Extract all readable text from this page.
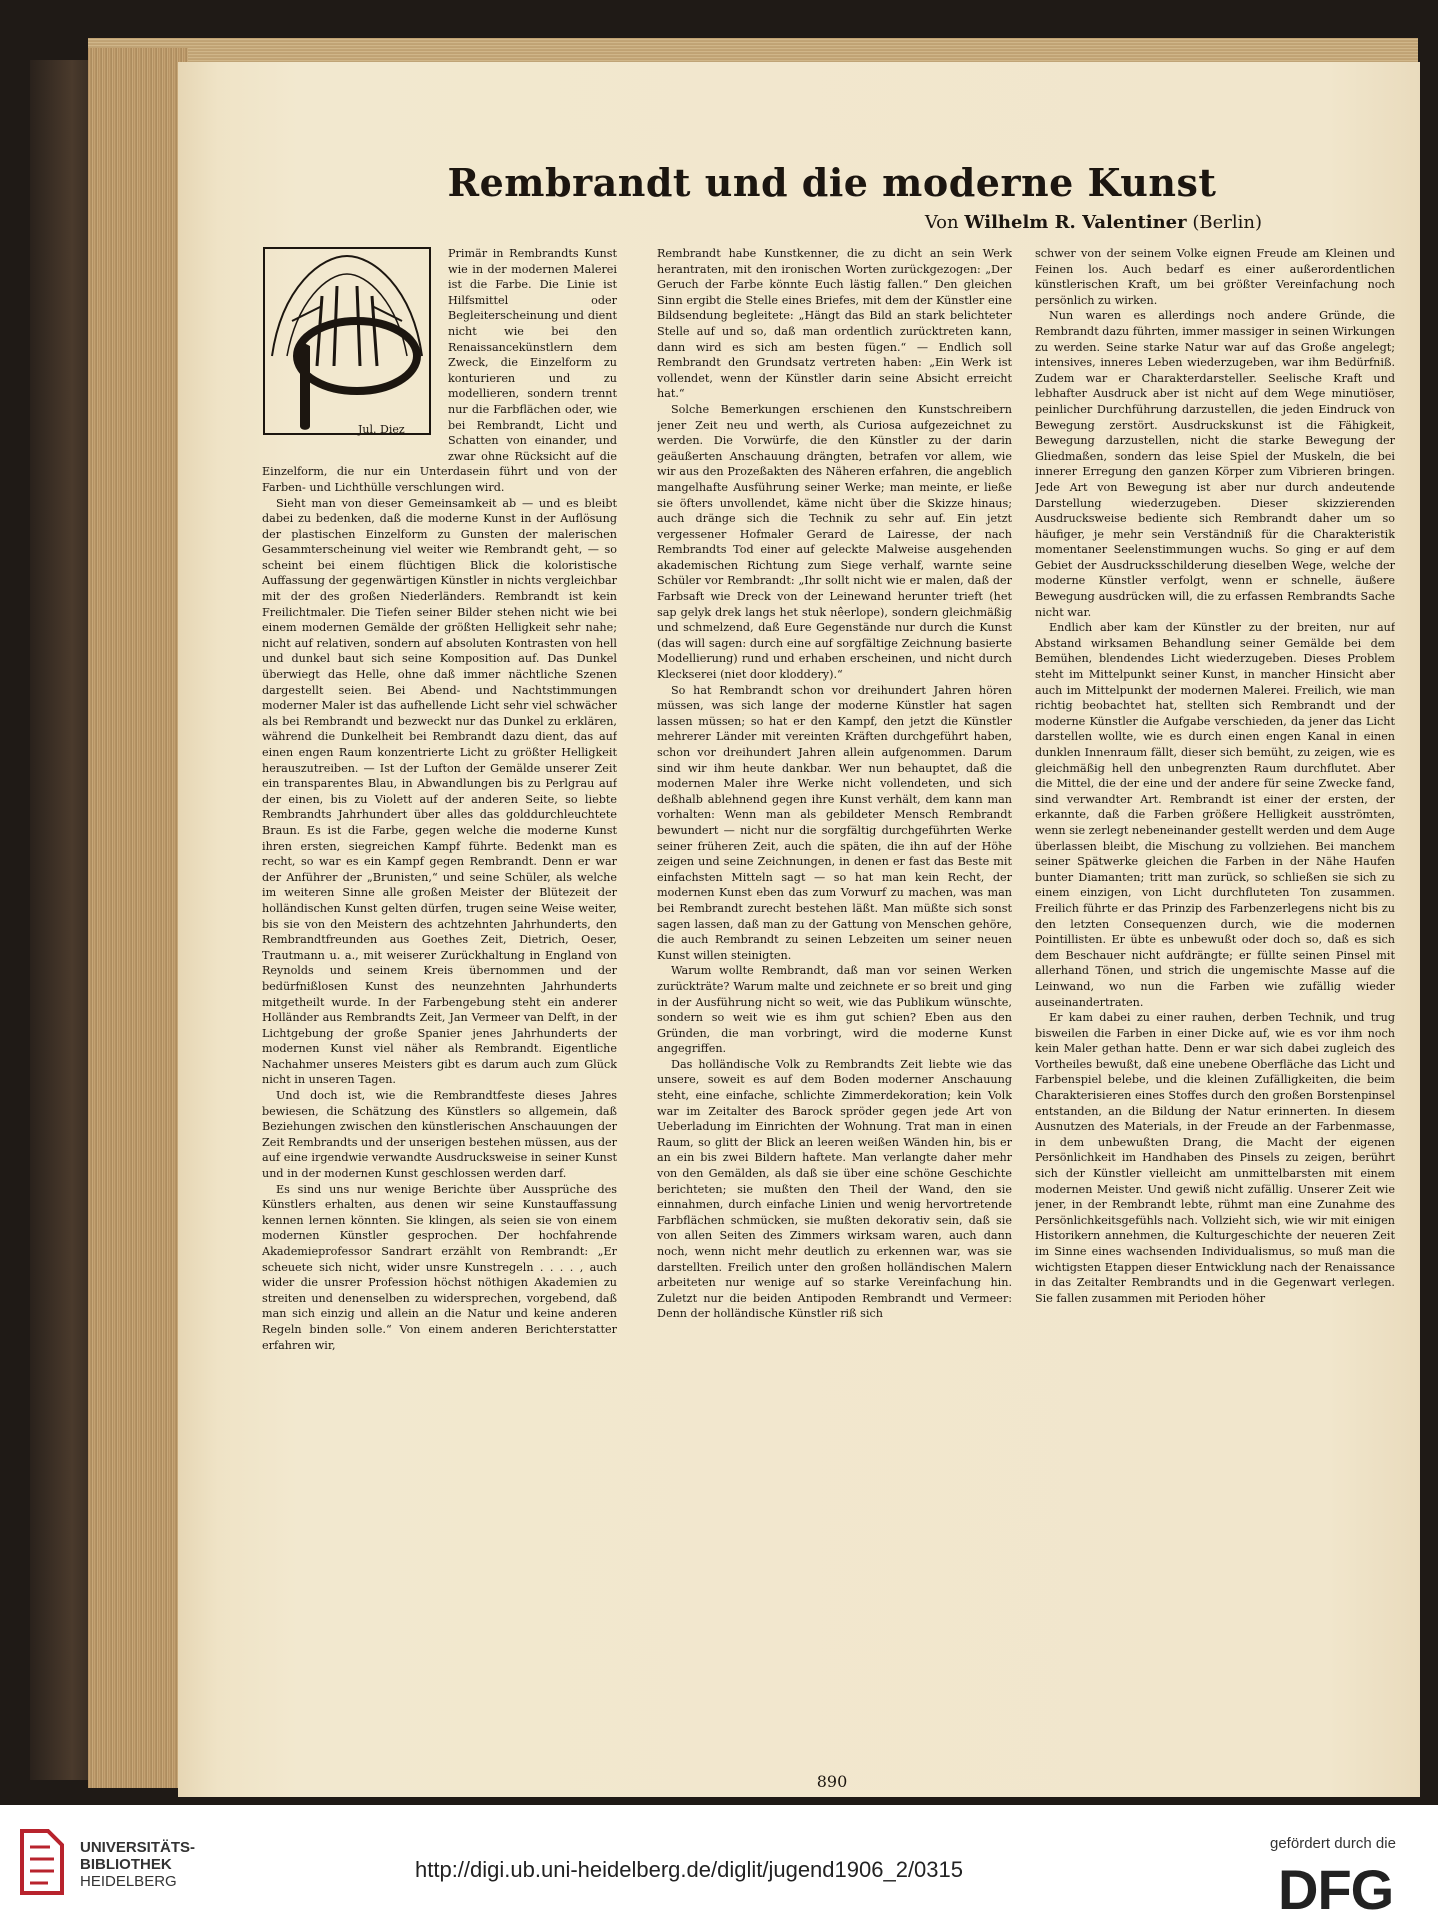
Rembrandt und die moderne Kunst
Von Wilhelm R. Valentiner (Berlin)
Jul. Diez

Primär in Rembrandts Kunst wie in der modernen Malerei ist die Farbe. Die Linie ist Hilfsmittel oder Begleiterscheinung und dient nicht wie bei den Renaissancekünstlern dem Zweck, die Einzelform zu konturieren und zu modellieren, sondern trennt nur die Farbflächen oder, wie bei Rembrandt, Licht und Schatten von einander, und zwar ohne Rücksicht auf die Einzelform, die nur ein Unterdasein führt und von der Farben- und Lichthülle verschlungen wird.

Sieht man von dieser Gemeinsamkeit ab — und es bleibt dabei zu bedenken, daß die moderne Kunst in der Auflösung der plastischen Einzelform zu Gunsten der malerischen Gesammterscheinung viel weiter wie Rembrandt geht, — so scheint bei einem flüchtigen Blick die koloristische Auffassung der gegenwärtigen Künstler in nichts vergleichbar mit der des großen Niederländers. Rembrandt ist kein Freilichtmaler. Die Tiefen seiner Bilder stehen nicht wie bei einem modernen Gemälde der größten Helligkeit sehr nahe; nicht auf relativen, sondern auf absoluten Kontrasten von hell und dunkel baut sich seine Komposition auf. Das Dunkel überwiegt das Helle, ohne daß immer nächtliche Szenen dargestellt seien. Bei Abend- und Nachtstimmungen moderner Maler ist das aufhellende Licht sehr viel schwächer als bei Rembrandt und bezweckt nur das Dunkel zu erklären, während die Dunkelheit bei Rembrandt dazu dient, das auf einen engen Raum konzentrierte Licht zu größter Helligkeit herauszutreiben. — Ist der Lufton der Gemälde unserer Zeit ein transparentes Blau, in Abwandlungen bis zu Perlgrau auf der einen, bis zu Violett auf der anderen Seite, so liebte Rembrandts Jahrhundert über alles das golddurchleuchtete Braun. Es ist die Farbe, gegen welche die moderne Kunst ihren ersten, siegreichen Kampf führte. Bedenkt man es recht, so war es ein Kampf gegen Rembrandt. Denn er war der Anführer der „Brunisten,“ und seine Schüler, als welche im weiteren Sinne alle großen Meister der Blütezeit der holländischen Kunst gelten dürfen, trugen seine Weise weiter, bis sie von den Meistern des achtzehnten Jahrhunderts, den Rembrandtfreunden aus Goethes Zeit, Dietrich, Oeser, Trautmann u. a., mit weiserer Zurückhaltung in England von Reynolds und seinem Kreis übernommen und der bedürfnißlosen Kunst des neunzehnten Jahrhunderts mitgetheilt wurde. In der Farbengebung steht ein anderer Holländer aus Rembrandts Zeit, Jan Vermeer van Delft, in der Lichtgebung der große Spanier jenes Jahrhunderts der modernen Kunst viel näher als Rembrandt. Eigentliche Nachahmer unseres Meisters gibt es darum auch zum Glück nicht in unseren Tagen.

Und doch ist, wie die Rembrandtfeste dieses Jahres bewiesen, die Schätzung des Künstlers so allgemein, daß Beziehungen zwischen den künstlerischen Anschauungen der Zeit Rembrandts und der unserigen bestehen müssen, aus der auf eine irgendwie verwandte Ausdrucksweise in seiner Kunst und in der modernen Kunst geschlossen werden darf.

Es sind uns nur wenige Berichte über Aussprüche des Künstlers erhalten, aus denen wir seine Kunstauffassung kennen lernen könnten. Sie klingen, als seien sie von einem modernen Künstler gesprochen. Der hochfahrende Akademieprofessor Sandrart erzählt von Rembrandt: „Er scheuete sich nicht, wider unsre Kunstregeln . . . . , auch wider die unsrer Profession höchst nöthigen Akademien zu streiten und denenselben zu widersprechen, vorgebend, daß man sich einzig und allein an die Natur und keine anderen Regeln binden solle.“ Von einem anderen Berichterstatter erfahren wir,

Rembrandt habe Kunstkenner, die zu dicht an sein Werk herantraten, mit den ironischen Worten zurückgezogen: „Der Geruch der Farbe könnte Euch lästig fallen.“ Den gleichen Sinn ergibt die Stelle eines Briefes, mit dem der Künstler eine Bildsendung begleitete: „Hängt das Bild an stark belichteter Stelle auf und so, daß man ordentlich zurücktreten kann, dann wird es sich am besten fügen.“ — Endlich soll Rembrandt den Grundsatz vertreten haben: „Ein Werk ist vollendet, wenn der Künstler darin seine Absicht erreicht hat.“

Solche Bemerkungen erschienen den Kunstschreibern jener Zeit neu und werth, als Curiosa aufgezeichnet zu werden. Die Vorwürfe, die den Künstler zu der darin geäußerten Anschauung drängten, betrafen vor allem, wie wir aus den Prozeßakten des Näheren erfahren, die angeblich mangelhafte Ausführung seiner Werke; man meinte, er ließe sie öfters unvollendet, käme nicht über die Skizze hinaus; auch dränge sich die Technik zu sehr auf. Ein jetzt vergessener Hofmaler Gerard de Lairesse, der nach Rembrandts Tod einer auf geleckte Malweise ausgehenden akademischen Richtung zum Siege verhalf, warnte seine Schüler vor Rembrandt: „Ihr sollt nicht wie er malen, daß der Farbsaft wie Dreck von der Leinewand herunter trieft (het sap gelyk drek langs het stuk nêerlope), sondern gleichmäßig und schmelzend, daß Eure Gegenstände nur durch die Kunst (das will sagen: durch eine auf sorgfältige Zeichnung basierte Modellierung) rund und erhaben erscheinen, und nicht durch Kleckserei (niet door kloddery).“

So hat Rembrandt schon vor dreihundert Jahren hören müssen, was sich lange der moderne Künstler hat sagen lassen müssen; so hat er den Kampf, den jetzt die Künstler mehrerer Länder mit vereinten Kräften durchgeführt haben, schon vor dreihundert Jahren allein aufgenommen. Darum sind wir ihm heute dankbar. Wer nun behauptet, daß die modernen Maler ihre Werke nicht vollendeten, und sich deßhalb ablehnend gegen ihre Kunst verhält, dem kann man vorhalten: Wenn man als gebildeter Mensch Rembrandt bewundert — nicht nur die sorgfältig durchgeführten Werke seiner früheren Zeit, auch die späten, die ihn auf der Höhe zeigen und seine Zeichnungen, in denen er fast das Beste mit einfachsten Mitteln sagt — so hat man kein Recht, der modernen Kunst eben das zum Vorwurf zu machen, was man bei Rembrandt zurecht bestehen läßt. Man müßte sich sonst sagen lassen, daß man zu der Gattung von Menschen gehöre, die auch Rembrandt zu seinen Lebzeiten um seiner neuen Kunst willen steinigten.

Warum wollte Rembrandt, daß man vor seinen Werken zurückträte? Warum malte und zeichnete er so breit und ging in der Ausführung nicht so weit, wie das Publikum wünschte, sondern so weit wie es ihm gut schien? Eben aus den Gründen, die man vorbringt, wird die moderne Kunst angegriffen.

Das holländische Volk zu Rembrandts Zeit liebte wie das unsere, soweit es auf dem Boden moderner Anschauung steht, eine einfache, schlichte Zimmerdekoration; kein Volk war im Zeitalter des Barock spröder gegen jede Art von Ueberladung im Einrichten der Wohnung. Trat man in einen Raum, so glitt der Blick an leeren weißen Wänden hin, bis er an ein bis zwei Bildern haftete. Man verlangte daher mehr von den Gemälden, als daß sie über eine schöne Geschichte berichteten; sie mußten den Theil der Wand, den sie einnahmen, durch einfache Linien und wenig hervortretende Farbflächen schmücken, sie mußten dekorativ sein, daß sie von allen Seiten des Zimmers wirksam waren, auch dann noch, wenn nicht mehr deutlich zu erkennen war, was sie darstellten. Freilich unter den großen holländischen Malern arbeiteten nur wenige auf so starke Vereinfachung hin. Zuletzt nur die beiden Antipoden Rembrandt und Vermeer: Denn der holländische Künstler riß sich

schwer von der seinem Volke eignen Freude am Kleinen und Feinen los. Auch bedarf es einer außerordentlichen künstlerischen Kraft, um bei größter Vereinfachung noch persönlich zu wirken.

Nun waren es allerdings noch andere Gründe, die Rembrandt dazu führten, immer massiger in seinen Wirkungen zu werden. Seine starke Natur war auf das Große angelegt; intensives, inneres Leben wiederzugeben, war ihm Bedürfniß. Zudem war er Charakterdarsteller. Seelische Kraft und lebhafter Ausdruck aber ist nicht auf dem Wege minutiöser, peinlicher Durchführung darzustellen, die jeden Eindruck von Bewegung zerstört. Ausdruckskunst ist die Fähigkeit, Bewegung darzustellen, nicht die starke Bewegung der Gliedmaßen, sondern das leise Spiel der Muskeln, die bei innerer Erregung den ganzen Körper zum Vibrieren bringen. Jede Art von Bewegung ist aber nur durch andeutende Darstellung wiederzugeben. Dieser skizzierenden Ausdrucksweise bediente sich Rembrandt daher um so häufiger, je mehr sein Verständniß für die Charakteristik momentaner Seelenstimmungen wuchs. So ging er auf dem Gebiet der Ausdrucksschilderung dieselben Wege, welche der moderne Künstler verfolgt, wenn er schnelle, äußere Bewegung ausdrücken will, die zu erfassen Rembrandts Sache nicht war.

Endlich aber kam der Künstler zu der breiten, nur auf Abstand wirksamen Behandlung seiner Gemälde bei dem Bemühen, blendendes Licht wiederzugeben. Dieses Problem steht im Mittelpunkt seiner Kunst, in mancher Hinsicht aber auch im Mittelpunkt der modernen Malerei. Freilich, wie man richtig beobachtet hat, stellten sich Rembrandt und der moderne Künstler die Aufgabe verschieden, da jener das Licht darstellen wollte, wie es durch einen engen Kanal in einen dunklen Innenraum fällt, dieser sich bemüht, zu zeigen, wie es gleichmäßig hell den unbegrenzten Raum durchflutet. Aber die Mittel, die der eine und der andere für seine Zwecke fand, sind verwandter Art. Rembrandt ist einer der ersten, der erkannte, daß die Farben größere Helligkeit ausströmten, wenn sie zerlegt nebeneinander gestellt werden und dem Auge überlassen bleibt, die Mischung zu vollziehen. Bei manchem seiner Spätwerke gleichen die Farben in der Nähe Haufen bunter Diamanten; tritt man zurück, so schließen sie sich zu einem einzigen, von Licht durchfluteten Ton zusammen. Freilich führte er das Prinzip des Farbenzerlegens nicht bis zu den letzten Consequenzen durch, wie die modernen Pointillisten. Er übte es unbewußt oder doch so, daß es sich dem Beschauer nicht aufdrängte; er füllte seinen Pinsel mit allerhand Tönen, und strich die ungemischte Masse auf die Leinwand, wo nun die Farben wie zufällig wieder auseinandertraten.

Er kam dabei zu einer rauhen, derben Technik, und trug bisweilen die Farben in einer Dicke auf, wie es vor ihm noch kein Maler gethan hatte. Denn er war sich dabei zugleich des Vortheiles bewußt, daß eine unebene Oberfläche das Licht und Farbenspiel belebe, und die kleinen Zufälligkeiten, die beim Charakterisieren eines Stoffes durch den großen Borstenpinsel entstanden, an die Bildung der Natur erinnerten. In diesem Ausnutzen des Materials, in der Freude an der Farbenmasse, in dem unbewußten Drang, die Macht der eigenen Persönlichkeit im Handhaben des Pinsels zu zeigen, berührt sich der Künstler vielleicht am unmittelbarsten mit einem modernen Meister. Und gewiß nicht zufällig. Unserer Zeit wie jener, in der Rembrandt lebte, rühmt man eine Zunahme des Persönlichkeitsgefühls nach. Vollzieht sich, wie wir mit einigen Historikern annehmen, die Kulturgeschichte der neueren Zeit im Sinne eines wachsenden Individualismus, so muß man die wichtigsten Etappen dieser Entwicklung nach der Renaissance in das Zeitalter Rembrandts und in die Gegenwart verlegen. Sie fallen zusammen mit Perioden höher

890
UNIVERSITÄTS-
BIBLIOTHEK
HEIDELBERG	http://digi.ub.uni-heidelberg.de/diglit/jugend1906_2/0315
gefördert durch die
DFG
